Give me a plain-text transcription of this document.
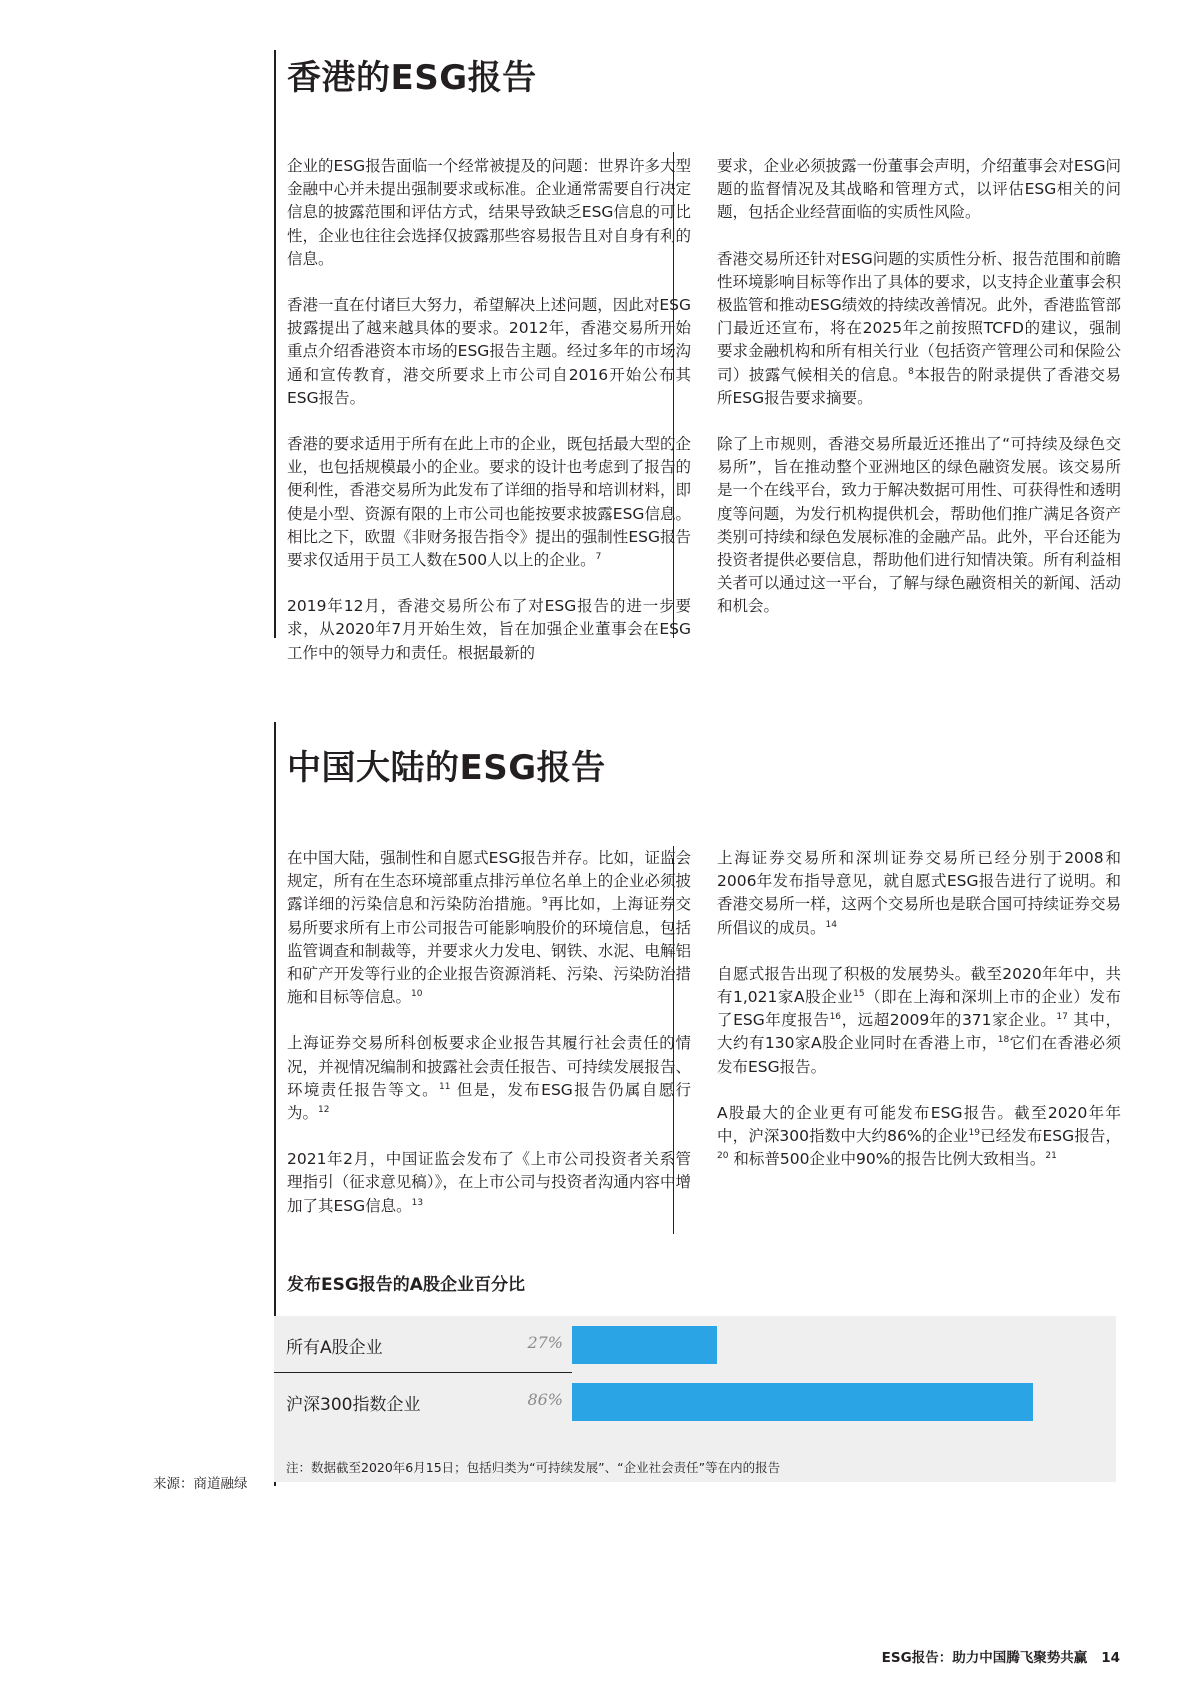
香港的ESG报告

企业的ESG报告面临一个经常被提及的问题：世界许多大型金融中心并未提出强制要求或标准。企业通常需要自行决定信息的披露范围和评估方式，结果导致缺乏ESG信息的可比性，企业也往往会选择仅披露那些容易报告且对自身有利的信息。

香港一直在付诸巨大努力，希望解决上述问题，因此对ESG披露提出了越来越具体的要求。2012年，香港交易所开始重点介绍香港资本市场的ESG报告主题。经过多年的市场沟通和宣传教育，港交所要求上市公司自2016开始公布其ESG报告。

香港的要求适用于所有在此上市的企业，既包括最大型的企业，也包括规模最小的企业。要求的设计也考虑到了报告的便利性，香港交易所为此发布了详细的指导和培训材料，即使是小型、资源有限的上市公司也能按要求披露ESG信息。相比之下，欧盟《非财务报告指令》提出的强制性ESG报告要求仅适用于员工人数在500人以上的企业。$^7$

2019年12月，香港交易所公布了对ESG报告的进一步要求，从2020年7月开始生效，旨在加强企业董事会在ESG工作中的领导力和责任。根据最新的

要求，企业必须披露一份董事会声明，介绍董事会对ESG问题的监督情况及其战略和管理方式，以评估ESG相关的问题，包括企业经营面临的实质性风险。

香港交易所还针对ESG问题的实质性分析、报告范围和前瞻性环境影响目标等作出了具体的要求，以支持企业董事会积极监管和推动ESG绩效的持续改善情况。此外，香港监管部门最近还宣布，将在2025年之前按照TCFD的建议，强制要求金融机构和所有相关行业（包括资产管理公司和保险公司）披露气候相关的信息。$^8$本报告的附录提供了香港交易所ESG报告要求摘要。

除了上市规则，香港交易所最近还推出了“可持续及绿色交易所”，旨在推动整个亚洲地区的绿色融资发展。该交易所是一个在线平台，致力于解决数据可用性、可获得性和透明度等问题，为发行机构提供机会，帮助他们推广满足各资产类别可持续和绿色发展标准的金融产品。此外，平台还能为投资者提供必要信息，帮助他们进行知情决策。所有利益相关者可以通过这一平台，了解与绿色融资相关的新闻、活动和机会。

中国大陆的ESG报告

在中国大陆，强制性和自愿式ESG报告并存。比如，证监会规定，所有在生态环境部重点排污单位名单上的企业必须披露详细的污染信息和污染防治措施。$^9$再比如，上海证券交易所要求所有上市公司报告可能影响股价的环境信息，包括监管调查和制裁等，并要求火力发电、钢铁、水泥、电解铝和矿产开发等行业的企业报告资源消耗、污染、污染防治措施和目标等信息。$^{10}$

上海证券交易所科创板要求企业报告其履行社会责任的情况，并视情况编制和披露社会责任报告、可持续发展报告、环境责任报告等文。$^{11}$ 但是，发布ESG报告仍属自愿行为。$^{12}$

2021年2月，中国证监会发布了《上市公司投资者关系管理指引（征求意见稿）》，在上市公司与投资者沟通内容中增加了其ESG信息。$^{13}$

上海证券交易所和深圳证券交易所已经分别于2008和2006年发布指导意见，就自愿式ESG报告进行了说明。和香港交易所一样，这两个交易所也是联合国可持续证券交易所倡议的成员。$^{14}$

自愿式报告出现了积极的发展势头。截至2020年年中，共有1,021家A股企业$^{15}$（即在上海和深圳上市的企业）发布了ESG年度报告$^{16}$，远超2009年的371家企业。$^{17}$ 其中，大约有130家A股企业同时在香港上市，$^{18}$它们在香港必须发布ESG报告。

A股最大的企业更有可能发布ESG报告。截至2020年年中，沪深300指数中大约86%的企业$^{19}$已经发布ESG报告，$^{20}$ 和标普500企业中90%的报告比例大致相当。$^{21}$

发布ESG报告的A股企业百分比
所有A股企业	27%
沪深300指数企业	86%
注：数据截至2020年6月15日；包括归类为“可持续发展”、“企业社会责任”等在内的报告
来源：商道融绿
ESG报告：助力中国腾飞聚势共赢 14
